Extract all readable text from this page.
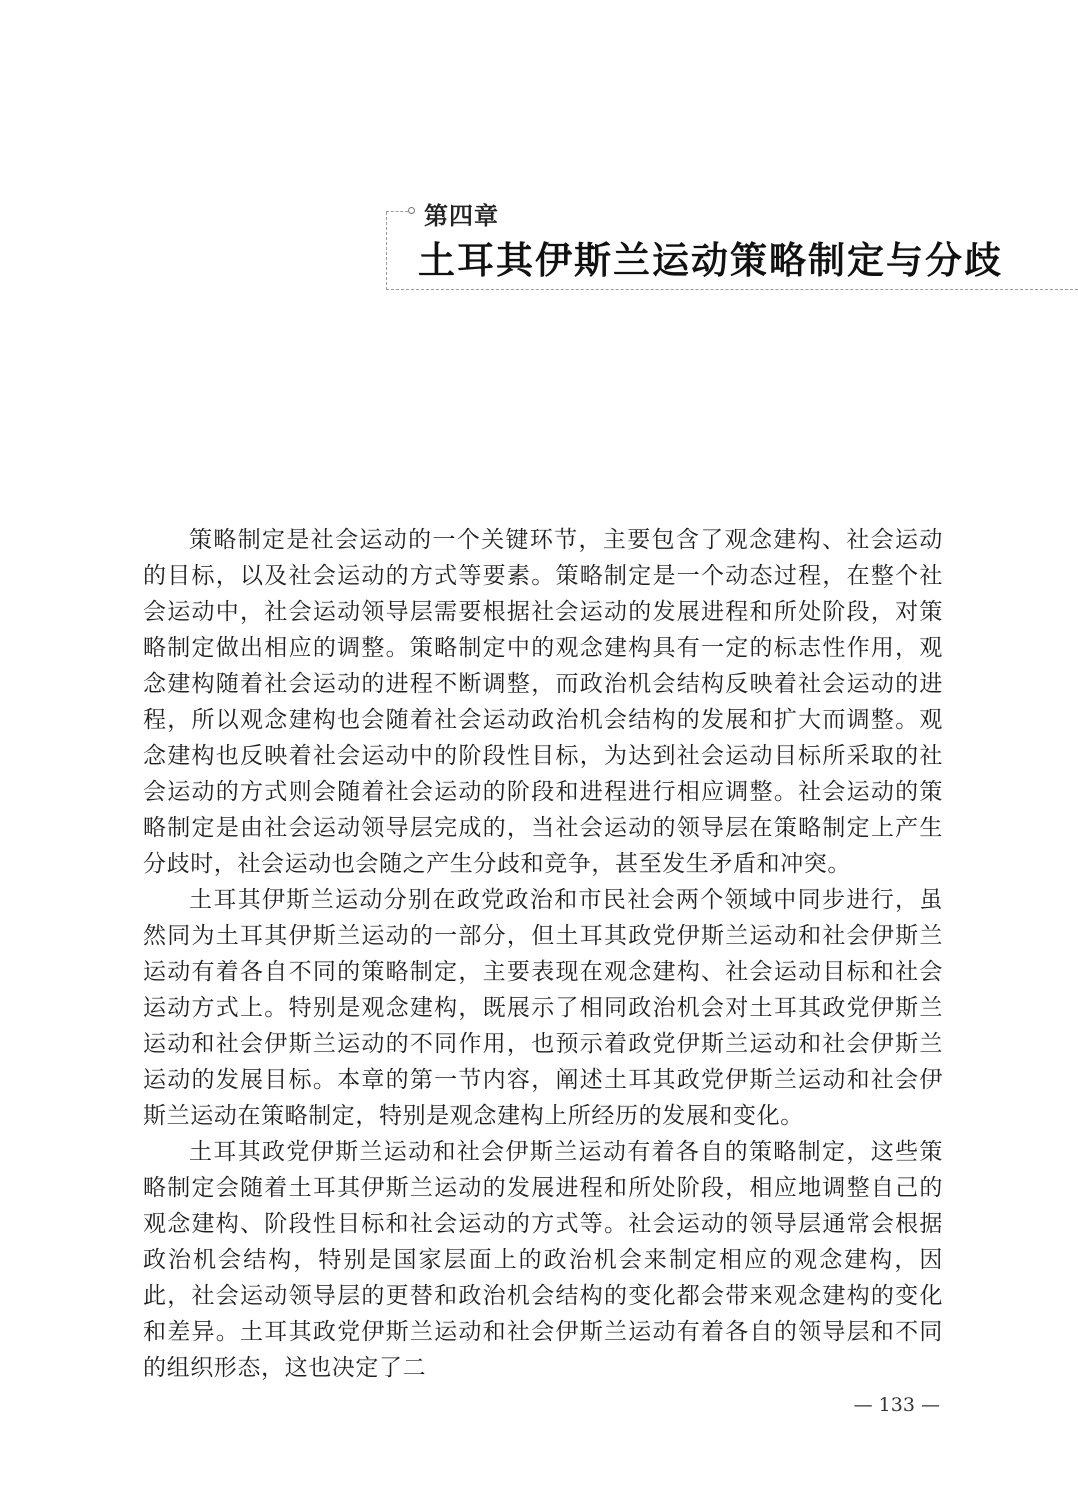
第四章
土耳其伊斯兰运动策略制定与分歧

策略制定是社会运动的一个关键环节，主要包含了观念建构、社会运动的目标，以及社会运动的方式等要素。策略制定是一个动态过程，在整个社会运动中，社会运动领导层需要根据社会运动的发展进程和所处阶段，对策略制定做出相应的调整。策略制定中的观念建构具有一定的标志性作用，观念建构随着社会运动的进程不断调整，而政治机会结构反映着社会运动的进程，所以观念建构也会随着社会运动政治机会结构的发展和扩大而调整。观念建构也反映着社会运动中的阶段性目标，为达到社会运动目标所采取的社会运动的方式则会随着社会运动的阶段和进程进行相应调整。社会运动的策略制定是由社会运动领导层完成的，当社会运动的领导层在策略制定上产生分歧时，社会运动也会随之产生分歧和竞争，甚至发生矛盾和冲突。

土耳其伊斯兰运动分别在政党政治和市民社会两个领域中同步进行，虽然同为土耳其伊斯兰运动的一部分，但土耳其政党伊斯兰运动和社会伊斯兰运动有着各自不同的策略制定，主要表现在观念建构、社会运动目标和社会运动方式上。特别是观念建构，既展示了相同政治机会对土耳其政党伊斯兰运动和社会伊斯兰运动的不同作用，也预示着政党伊斯兰运动和社会伊斯兰运动的发展目标。本章的第一节内容，阐述土耳其政党伊斯兰运动和社会伊斯兰运动在策略制定，特别是观念建构上所经历的发展和变化。

土耳其政党伊斯兰运动和社会伊斯兰运动有着各自的策略制定，这些策略制定会随着土耳其伊斯兰运动的发展进程和所处阶段，相应地调整自己的观念建构、阶段性目标和社会运动的方式等。社会运动的领导层通常会根据政治机会结构，特别是国家层面上的政治机会来制定相应的观念建构，因此，社会运动领导层的更替和政治机会结构的变化都会带来观念建构的变化和差异。土耳其政党伊斯兰运动和社会伊斯兰运动有着各自的领导层和不同的组织形态，这也决定了二

— 133 —
